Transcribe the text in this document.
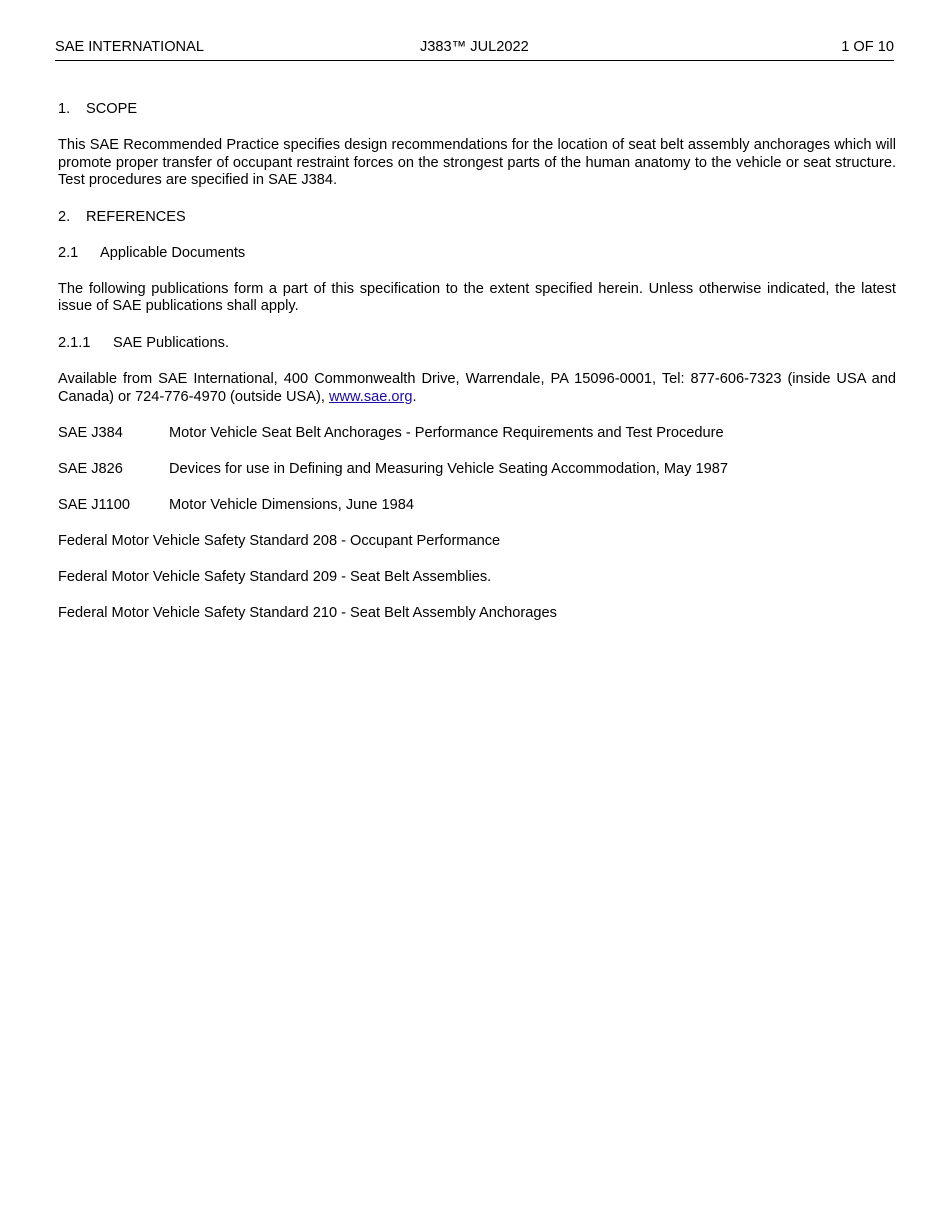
SAE INTERNATIONAL	J383™ JUL2022	1 OF 10
1. SCOPE

This SAE Recommended Practice specifies design recommendations for the location of seat belt assembly anchorages which will promote proper transfer of occupant restraint forces on the strongest parts of the human anatomy to the vehicle or seat structure. Test procedures are specified in SAE J384.

2. REFERENCES
2.1 Applicable Documents

The following publications form a part of this specification to the extent specified herein. Unless otherwise indicated, the latest issue of SAE publications shall apply.

2.1.1 SAE Publications.

Available from SAE International, 400 Commonwealth Drive, Warrendale, PA 15096-0001, Tel: 877-606-7323 (inside USA and Canada) or 724-776-4970 (outside USA), www.sae.org.

SAE J384	Motor Vehicle Seat Belt Anchorages - Performance Requirements and Test Procedure
SAE J826	Devices for use in Defining and Measuring Vehicle Seating Accommodation, May 1987
SAE J1100	Motor Vehicle Dimensions, June 1984
Federal Motor Vehicle Safety Standard 208 - Occupant Performance
Federal Motor Vehicle Safety Standard 209 - Seat Belt Assemblies.
Federal Motor Vehicle Safety Standard 210 - Seat Belt Assembly Anchorages
